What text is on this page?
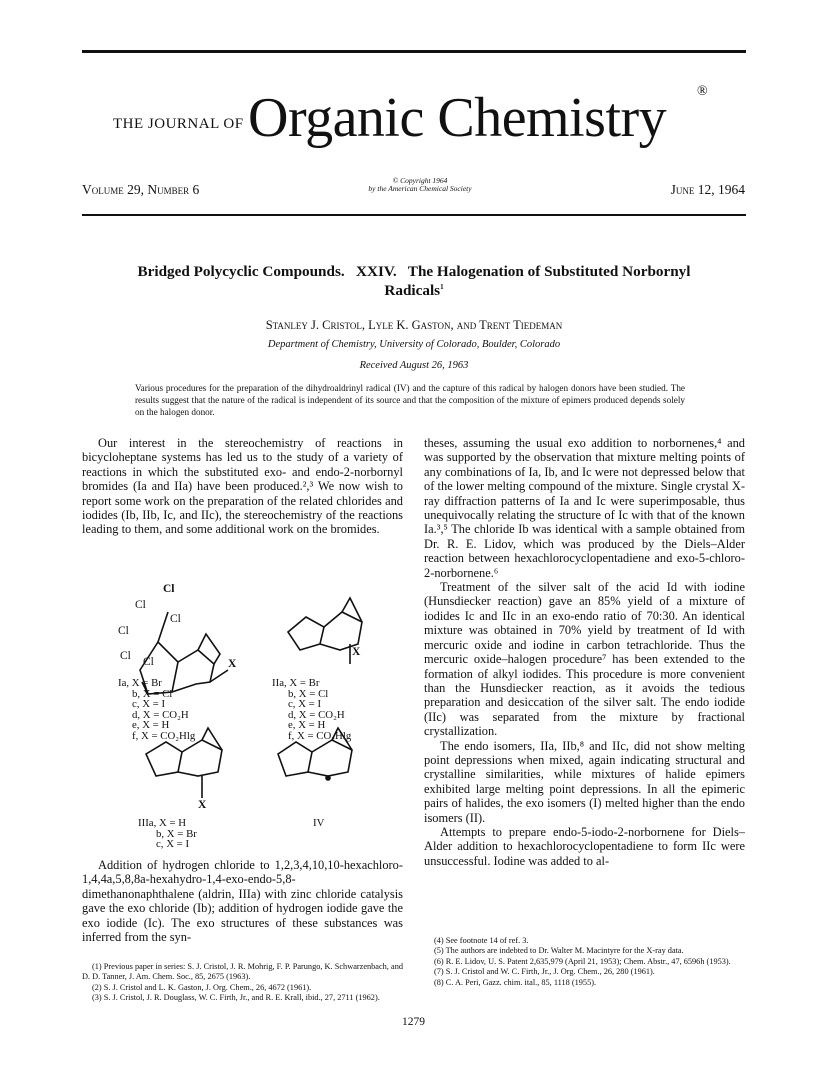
THE JOURNAL OF Organic Chemistry ®
Volume 29, Number 6
© Copyright 1964
by the American Chemical Society	June 12, 1964
Bridged Polycyclic Compounds.   XXIV.   The Halogenation of Substituted Norbornyl
Radicals$^1$
Stanley J. Cristol, Lyle K. Gaston, and Trent Tiedeman
Department of Chemistry, University of Colorado, Boulder, Colorado
Received August 26, 1963
Various procedures for the preparation of the dihydroaldrinyl radical (IV) and the capture of this radical by halogen donors have been studied. The results suggest that the nature of the radical is independent of its source and that the composition of the mixture of epimers produced depends solely on the halogen donor.
Our interest in the stereochemistry of reactions in bicycloheptane systems has led us to the study of a variety of reactions in which the substituted exo- and endo-2-norbornyl bromides (Ia and IIa) have been produced.²,³ We now wish to report some work on the preparation of the related chlorides and iodides (Ib, IIb, Ic, and IIc), the stereochemistry of the reactions leading to them, and some additional work on the bromides.
Cl
Cl
Cl
Cl
Cl Cl	X
X
Ia, X = Br
b, X = Cl
c, X = I
d, X = CO₂H
e, X = H
f, X = CO₂Hlg
IIa, X = Br
b, X = Cl
c, X = I
d, X = CO₂H
e, X = H
f, X = CO₂Hlg
X
IIIa, X = H
b, X = Br
c, X = I
IV
Addition of hydrogen chloride to 1,2,3,4,10,10-hexachloro-1,4,4a,5,8,8a-hexahydro-1,4-exo-endo-5,8-dimethanonaphthalene (aldrin, IIIa) with zinc chloride catalysis gave the exo chloride (Ib); addition of hydrogen iodide gave the exo iodide (Ic). The exo structures of these substances was inferred from the syn-

(1) Previous paper in series: S. J. Cristol, J. R. Mohrig, F. P. Parungo, K. Schwarzenbach, and D. D. Tanner, J. Am. Chem. Soc., 85, 2675 (1963).

(2) S. J. Cristol and L. K. Gaston, J. Org. Chem., 26, 4672 (1961).

(3) S. J. Cristol, J. R. Douglass, W. C. Firth, Jr., and R. E. Krall, ibid., 27, 2711 (1962).

theses, assuming the usual exo addition to norbornenes,⁴ and was supported by the observation that mixture melting points of any combinations of Ia, Ib, and Ic were not depressed below that of the lower melting compound of the mixture. Single crystal X-ray diffraction patterns of Ia and Ic were superimposable, thus unequivocally relating the structure of Ic with that of the known Ia.³,⁵ The chloride Ib was identical with a sample obtained from Dr. R. E. Lidov, which was produced by the Diels–Alder reaction between hexachlorocyclopentadiene and exo-5-chloro-2-norbornene.⁶

Treatment of the silver salt of the acid Id with iodine (Hunsdiecker reaction) gave an 85% yield of a mixture of iodides Ic and IIc in an exo-endo ratio of 70:30. An identical mixture was obtained in 70% yield by treatment of Id with mercuric oxide and iodine in carbon tetrachloride. Thus the mercuric oxide–halogen procedure⁷ has been extended to the formation of alkyl iodides. This procedure is more convenient than the Hunsdiecker reaction, as it avoids the tedious preparation and desiccation of the silver salt. The endo iodide (IIc) was separated from the mixture by fractional crystallization.

The endo isomers, IIa, IIb,⁸ and IIc, did not show melting point depressions when mixed, again indicating structural and crystalline similarities, while mixtures of halide epimers exhibited large melting point depressions. In all the epimeric pairs of halides, the exo isomers (I) melted higher than the endo isomers (II).

Attempts to prepare endo-5-iodo-2-norbornene for Diels–Alder addition to hexachlorocyclopentadiene to form IIc were unsuccessful. Iodine was added to al-

(4) See footnote 14 of ref. 3.

(5) The authors are indebted to Dr. Walter M. Macintyre for the X-ray data.

(6) R. E. Lidov, U. S. Patent 2,635,979 (April 21, 1953); Chem. Abstr., 47, 6596h (1953).

(7) S. J. Cristol and W. C. Firth, Jr., J. Org. Chem., 26, 280 (1961).

(8) C. A. Peri, Gazz. chim. ital., 85, 1118 (1955).

1279
